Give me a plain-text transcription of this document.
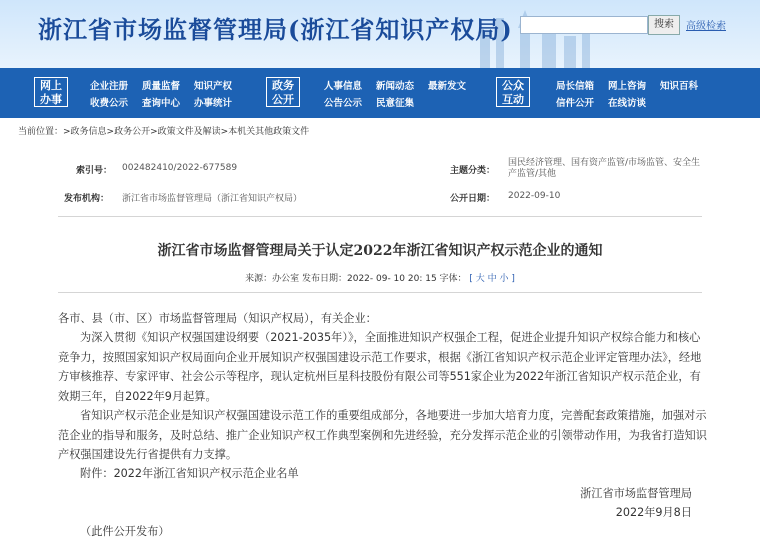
浙江省市场监督管理局(浙江省知识产权局)	搜索	高级检索
网上
办事
企业注册 质量监督 知识产权
收费公示 查询中心 办事统计
政务
公开
人事信息 新闻动态 最新发文
公告公示 民意征集
公众
互动
局长信箱 网上咨询 知识百科
信件公开 在线访谈
当前位置：>政务信息>政务公开>政策文件及解读>本机关其他政策文件
索引号： 002482410/2022-677589	主题分类：
国民经济管理、国有资产监管/市场监管、安全生产监管/其他
发布机构： 浙江省市场监督管理局（浙江省知识产权局）	公开日期： 2022-09-10
浙江省市场监督管理局关于认定2022年浙江省知识产权示范企业的通知
来源：办公室 发布日期：2022- 09- 10 20: 15 字体： [ 大 中 小 ]
各市、县（市、区）市场监督管理局（知识产权局），有关企业：
为深入贯彻《知识产权强国建设纲要（2021-2035年）》，全面推进知识产权强企工程，促进企业提升知识产权综合能力和核心竞争力，按照国家知识产权局面向企业开展知识产权强国建设示范工作要求，根据《浙江省知识产权示范企业评定管理办法》，经地方审核推荐、专家评审、社会公示等程序，现认定杭州巨星科技股份有限公司等551家企业为2022年浙江省知识产权示范企业，有效期三年，自2022年9月起算。
省知识产权示范企业是知识产权强国建设示范工作的重要组成部分，各地要进一步加大培育力度，完善配套政策措施，加强对示范企业的指导和服务，及时总结、推广企业知识产权工作典型案例和先进经验，充分发挥示范企业的引领带动作用，为我省打造知识产权强国建设先行省提供有力支撑。
附件：2022年浙江省知识产权示范企业名单
浙江省市场监督管理局
2022年9月8日
（此件公开发布）
